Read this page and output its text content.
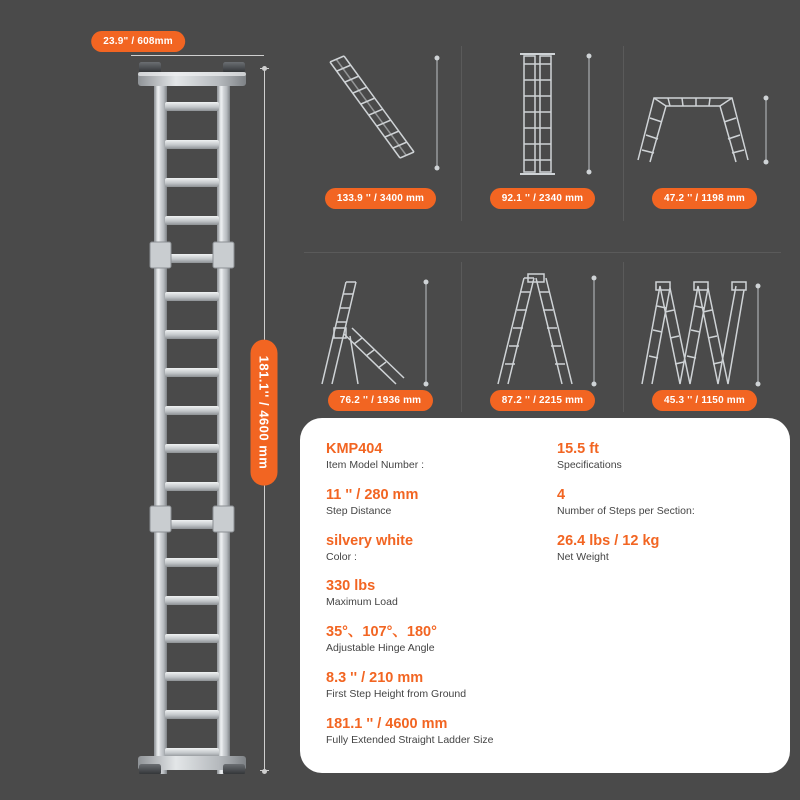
23.9" / 608mm
181.1'' / 4600 mm
133.9 '' / 3400 mm	92.1 '' / 2340 mm	47.2 '' / 1198 mm
76.2 '' / 1936 mm	87.2 '' / 2215 mm	45.3 '' / 1150 mm
KMP404
Item Model Number :
11 '' / 280 mm
Step Distance
silvery white
Color :
330 lbs
Maximum Load
35°、107°、180°
Adjustable Hinge Angle
8.3 '' / 210 mm
First Step Height from Ground
181.1 '' / 4600 mm
Fully Extended Straight Ladder Size
15.5 ft
Specifications
4
Number of Steps per Section:
26.4 lbs / 12 kg
Net Weight
